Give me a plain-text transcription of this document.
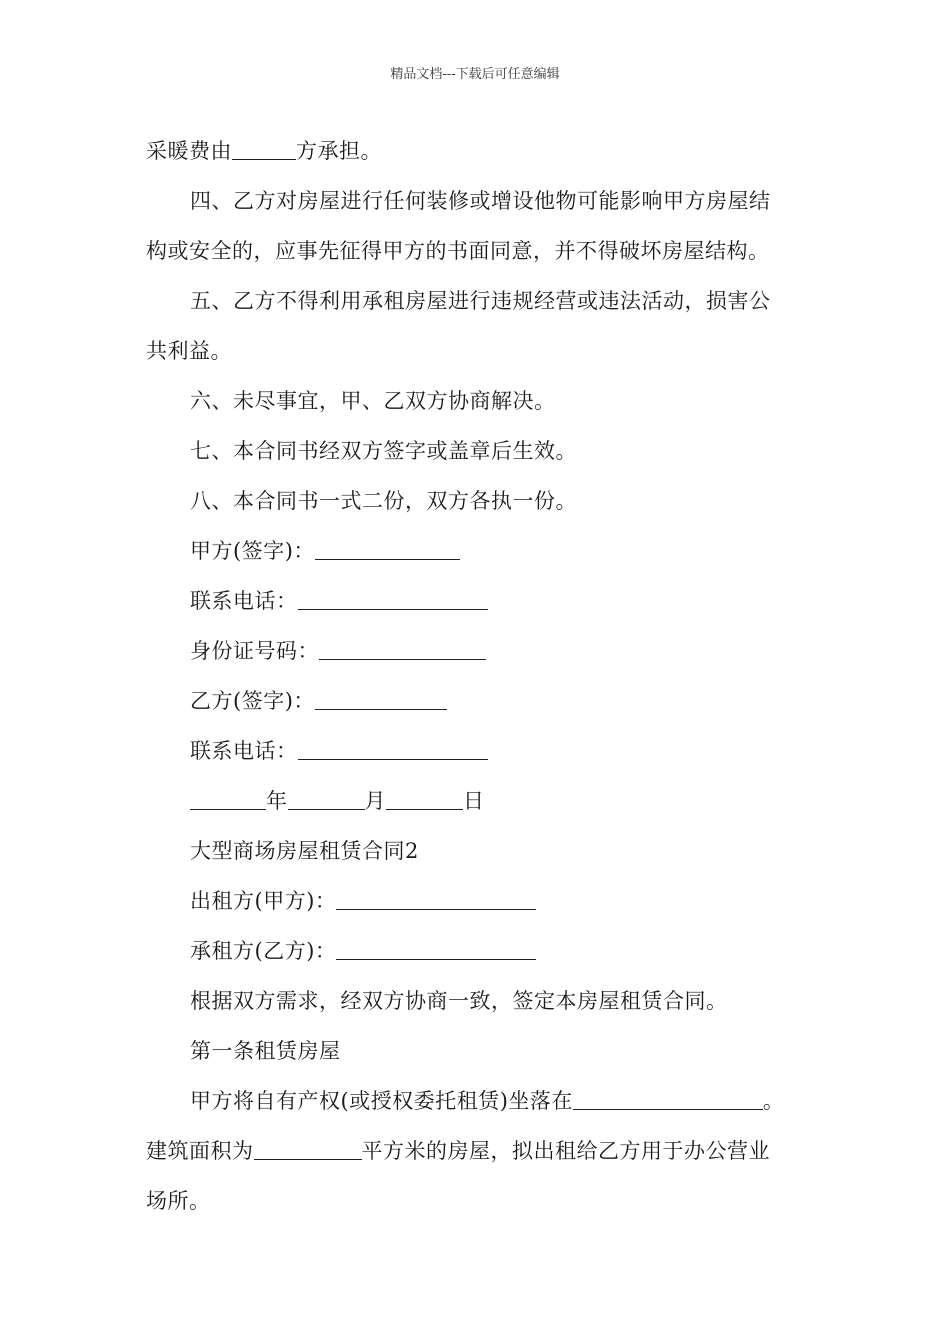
精品文档---下载后可任意编辑
采暖费由	方承担。
四、乙方对房屋进行任何装修或增设他物可能影响甲方房屋结
构或安全的，应事先征得甲方的书面同意，并不得破坏房屋结构。
五、乙方不得利用承租房屋进行违规经营或违法活动，损害公
共利益。
六、未尽事宜，甲、乙双方协商解决。
七、本合同书经双方签字或盖章后生效。
八、本合同书一式二份，双方各执一份。
甲方(签字)：
联系电话：
身份证号码：
乙方(签字)：
联系电话：
年	月	日
大型商场房屋租赁合同2
出租方(甲方)：
承租方(乙方)：
根据双方需求，经双方协商一致，签定本房屋租赁合同。
第一条租赁房屋
甲方将自有产权(或授权委托租赁)坐落在	。
建筑面积为	平方米的房屋，拟出租给乙方用于办公营业
场所。
